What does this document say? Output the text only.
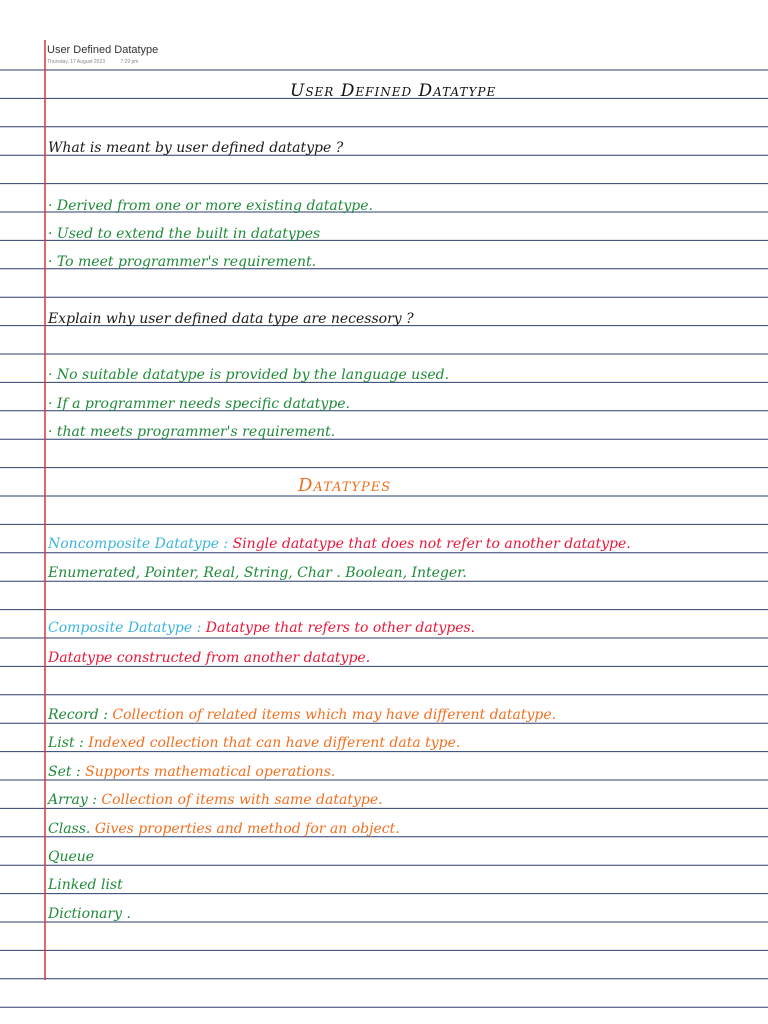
User Defined Datatype
Thursday, 17 August 2023	7:29 pm
User Defined Datatype
What is meant by user defined datatype ?
· Derived from one or more existing datatype.
· Used to extend the built in datatypes
· To meet programmer's requirement.
Explain why user defined data type are necessory ?
· No suitable datatype is provided by the language used.
· If a programmer needs specific datatype.
· that meets programmer's requirement.
Datatypes
Noncomposite Datatype : Single datatype that does not refer to another datatype.
Enumerated, Pointer, Real, String, Char . Boolean, Integer.
Composite Datatype : Datatype that refers to other datypes.
Datatype constructed from another datatype.
Record : Collection of related items which may have different datatype.
List : Indexed collection that can have different data type.
Set : Supports mathematical operations.
Array : Collection of items with same datatype.
Class. Gives properties and method for an object.
Queue
Linked list
Dictionary .
